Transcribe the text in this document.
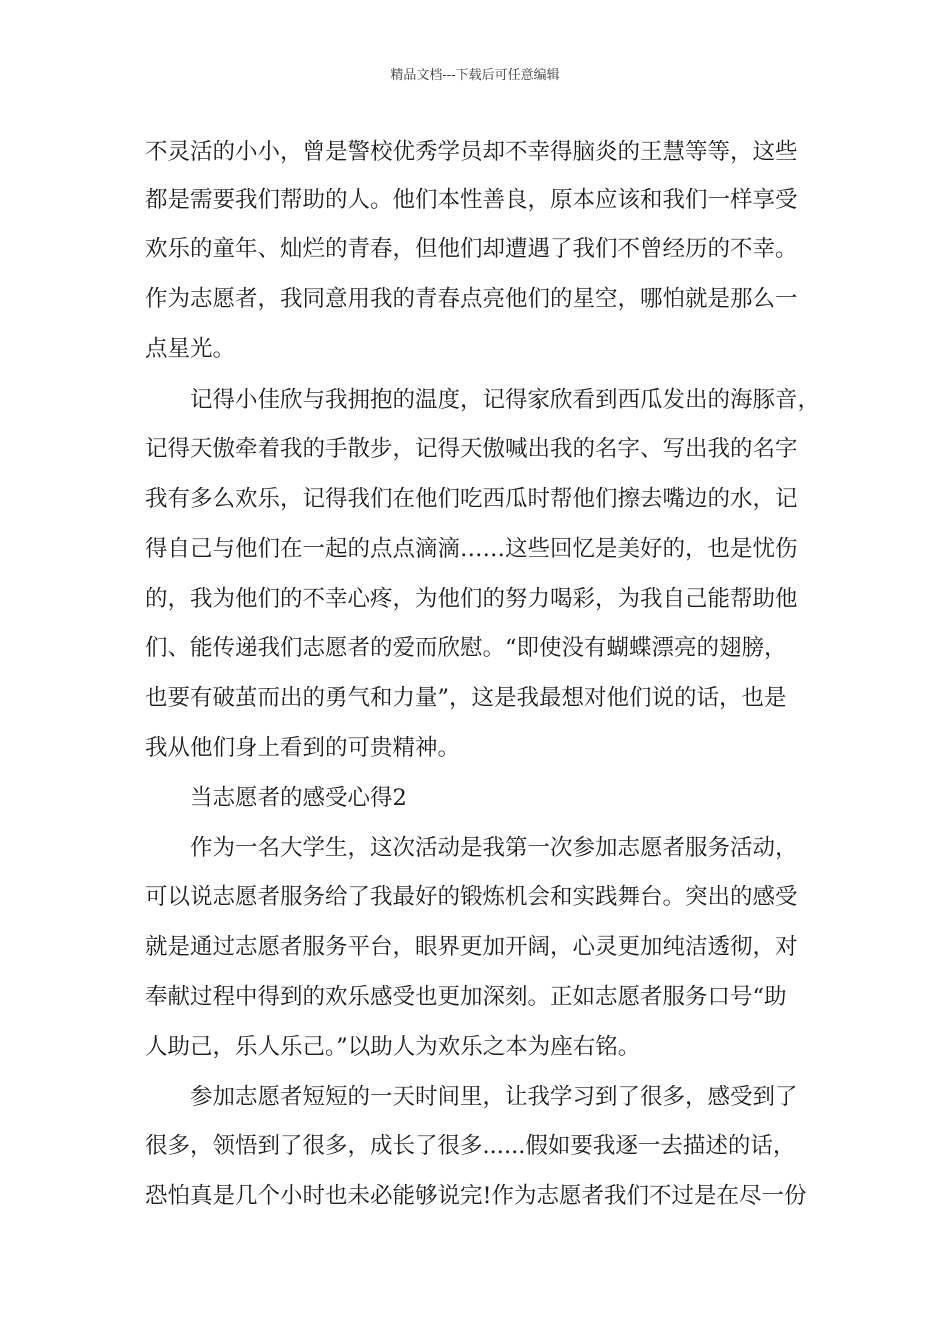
精品文档---下载后可任意编辑
不灵活的小小，曾是警校优秀学员却不幸得脑炎的王慧等等，这些
都是需要我们帮助的人。他们本性善良，原本应该和我们一样享受
欢乐的童年、灿烂的青春，但他们却遭遇了我们不曾经历的不幸。
作为志愿者，我同意用我的青春点亮他们的星空，哪怕就是那么一
点星光。
记得小佳欣与我拥抱的温度，记得家欣看到西瓜发出的海豚音，
记得天傲牵着我的手散步，记得天傲喊出我的名字、写出我的名字
我有多么欢乐，记得我们在他们吃西瓜时帮他们擦去嘴边的水，记
得自己与他们在一起的点点滴滴……这些回忆是美好的，也是忧伤
的，我为他们的不幸心疼，为他们的努力喝彩，为我自己能帮助他
们、能传递我们志愿者的爱而欣慰。“即使没有蝴蝶漂亮的翅膀，
也要有破茧而出的勇气和力量”，这是我最想对他们说的话，也是
我从他们身上看到的可贵精神。
当志愿者的感受心得2
作为一名大学生，这次活动是我第一次参加志愿者服务活动，
可以说志愿者服务给了我最好的锻炼机会和实践舞台。突出的感受
就是通过志愿者服务平台，眼界更加开阔，心灵更加纯洁透彻，对
奉献过程中得到的欢乐感受也更加深刻。正如志愿者服务口号“助
人助己，乐人乐己。”以助人为欢乐之本为座右铭。
参加志愿者短短的一天时间里，让我学习到了很多，感受到了
很多，领悟到了很多，成长了很多......假如要我逐一去描述的话，
恐怕真是几个小时也未必能够说完!作为志愿者我们不过是在尽一份
